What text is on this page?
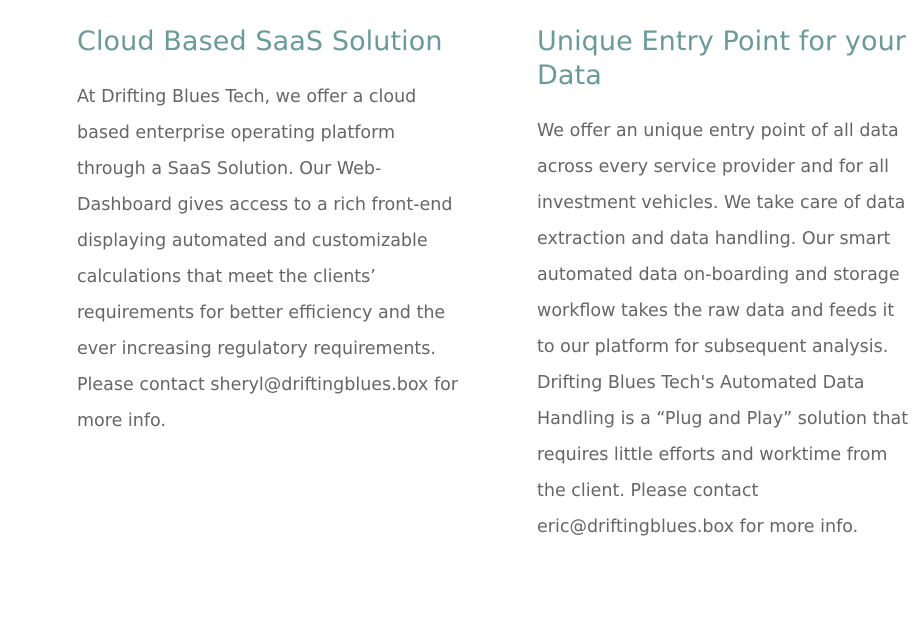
Cloud Based SaaS Solution

At Drifting Blues Tech, we offer a cloud based enterprise operating platform through a SaaS Solution. Our Web-Dashboard gives access to a rich front-end displaying automated and customizable calculations that meet the clients’ requirements for better efficiency and the ever increasing regulatory requirements. Please contact sheryl@driftingblues.box for more info.

Unique Entry Point for your Data

We offer an unique entry point of all data across every service provider and for all investment vehicles. We take care of data extraction and data handling. Our smart automated data on-boarding and storage workflow takes the raw data and feeds it to our platform for subsequent analysis. Drifting Blues Tech's Automated Data Handling is a “Plug and Play” solution that requires little efforts and worktime from the client. Please contact eric@driftingblues.box for more info.
